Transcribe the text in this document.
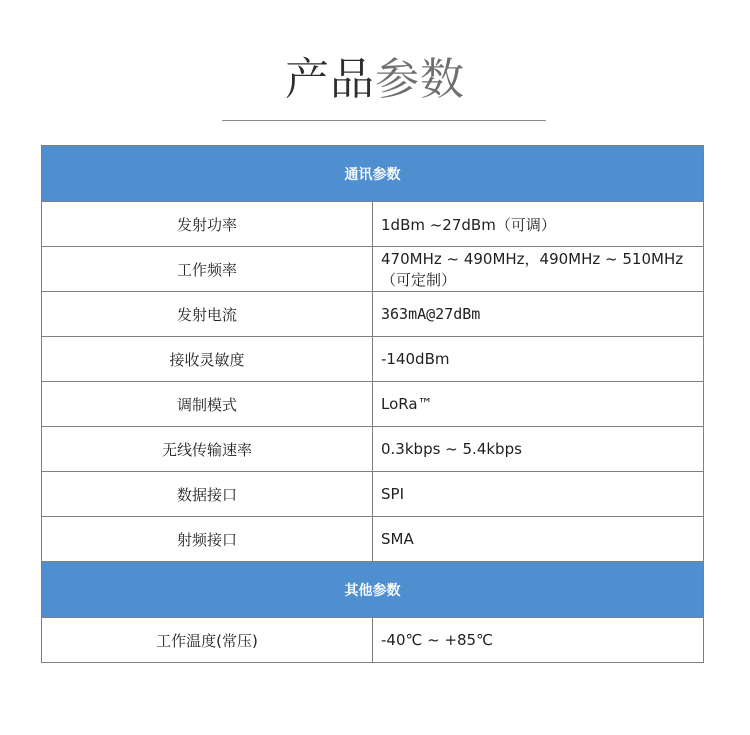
产品参数
通讯参数	
发射功率	1dBm ~27dBm（可调）
工作频率	470MHz ~ 490MHz，490MHz ~ 510MHz（可定制）
发射电流	363mA@27dBm
接收灵敏度	-140dBm
调制模式	LoRa™
无线传输速率	0.3kbps ~ 5.4kbps
数据接口	SPI
射频接口	SMA
其他参数	
工作温度(常压)	-40℃ ~ +85℃
